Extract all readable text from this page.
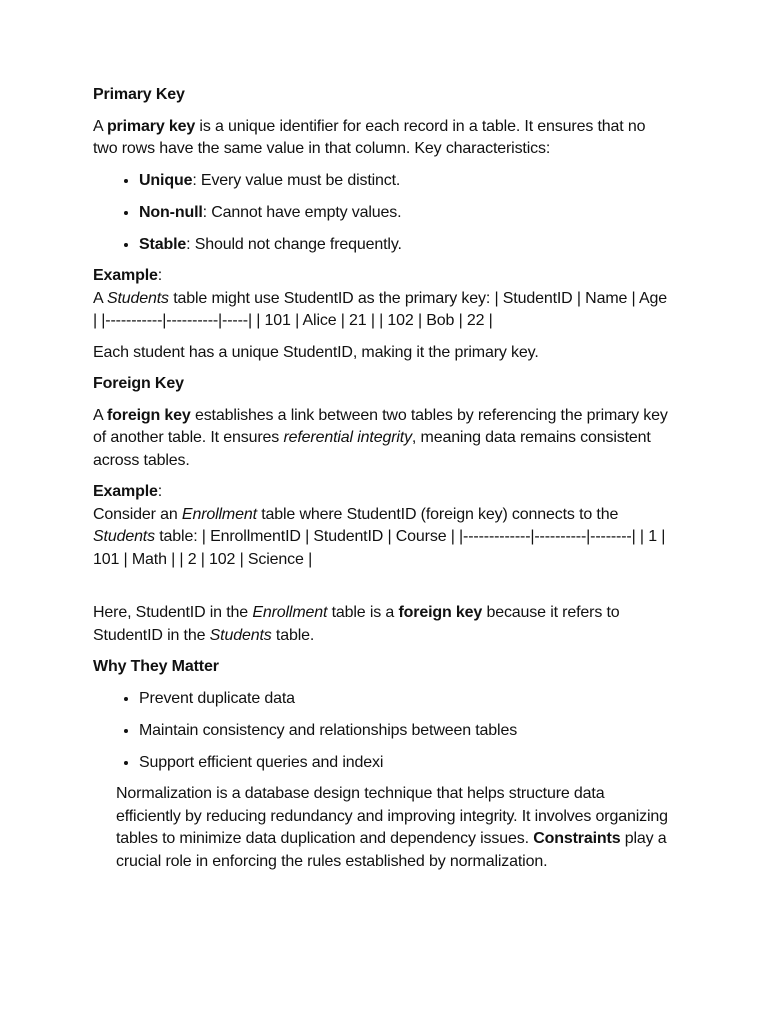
Primary Key

A primary key is a unique identifier for each record in a table. It ensures that no two rows have the same value in that column. Key characteristics:

• Unique: Every value must be distinct.
• Non-null: Cannot have empty values.
• Stable: Should not change frequently.

Example:
A Students table might use StudentID as the primary key: | StudentID | Name | Age | |-----------|----------|-----| | 101 | Alice | 21 | | 102 | Bob | 22 |

Each student has a unique StudentID, making it the primary key.

Foreign Key

A foreign key establishes a link between two tables by referencing the primary key of another table. It ensures referential integrity, meaning data remains consistent across tables.

Example:
Consider an Enrollment table where StudentID (foreign key) connects to the Students table: | EnrollmentID | StudentID | Course | |-------------|----------|--------| | 1 | 101 | Math | | 2 | 102 | Science |

Here, StudentID in the Enrollment table is a foreign key because it refers to StudentID in the Students table.

Why They Matter
• Prevent duplicate data
• Maintain consistency and relationships between tables
• Support efficient queries and indexi

Normalization is a database design technique that helps structure data efficiently by reducing redundancy and improving integrity. It involves organizing tables to minimize data duplication and dependency issues. Constraints play a crucial role in enforcing the rules established by normalization.
